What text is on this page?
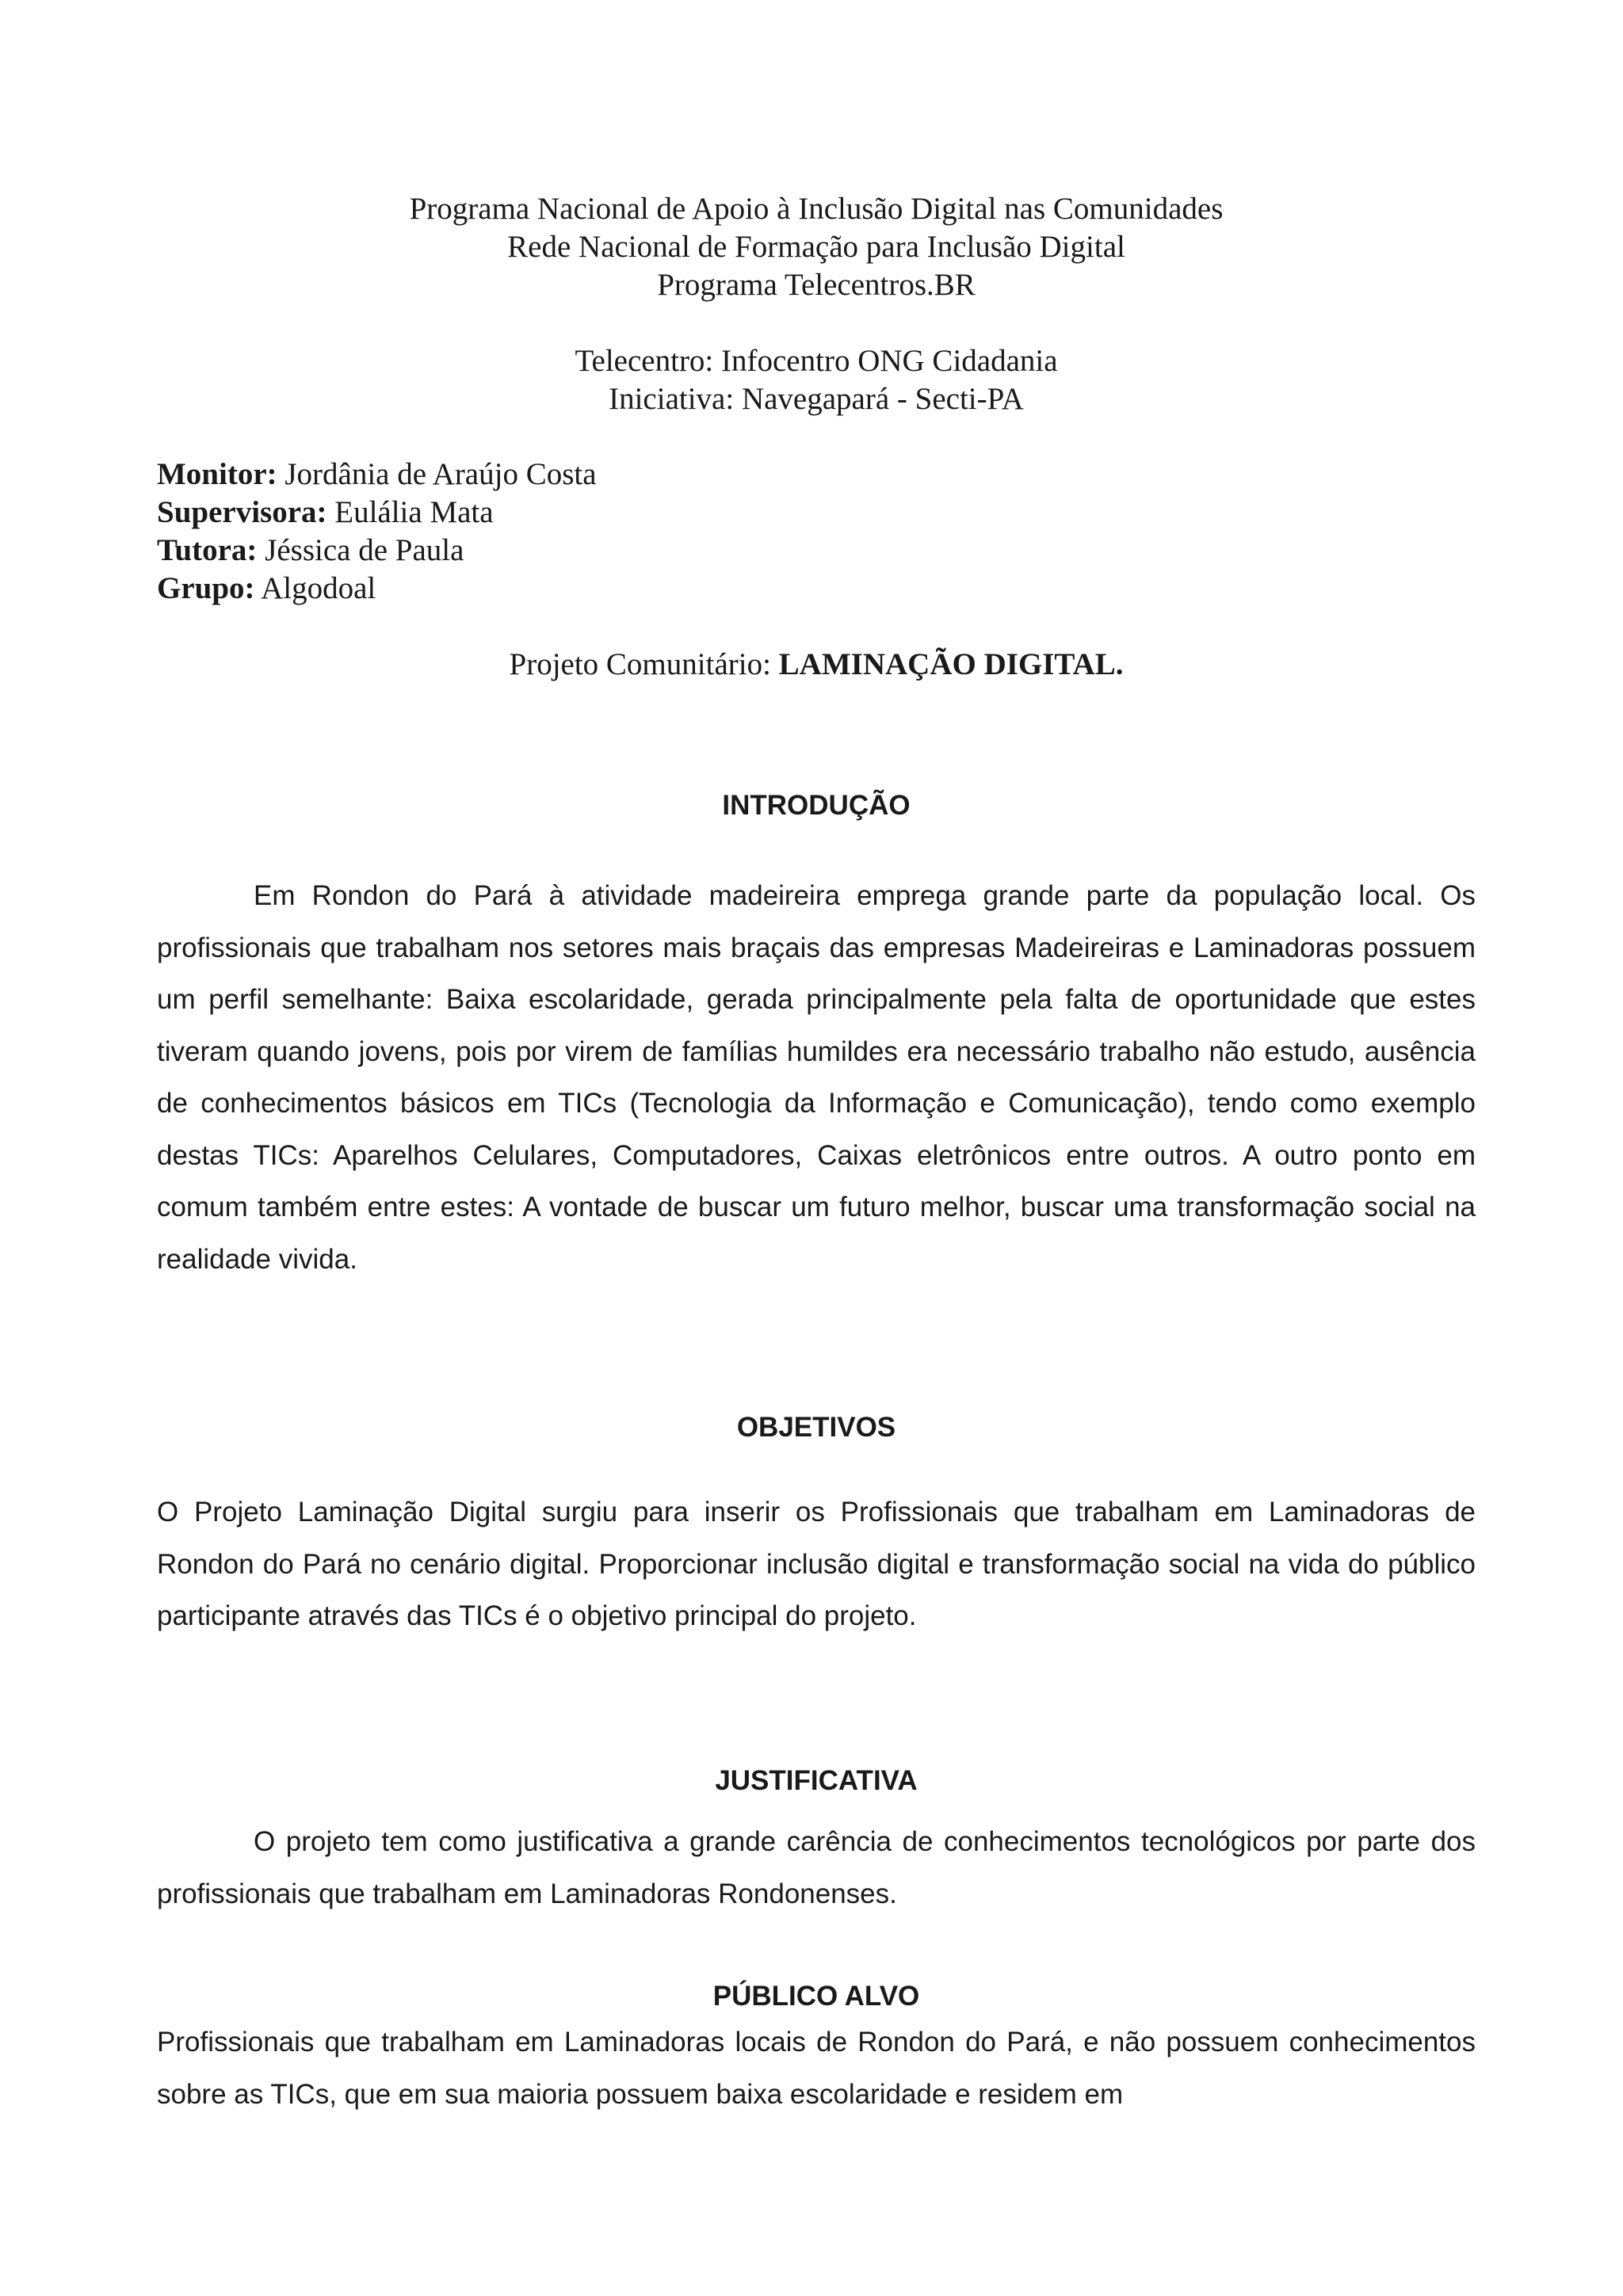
Programa Nacional de Apoio à Inclusão Digital nas Comunidades
Rede Nacional de Formação para Inclusão Digital
Programa Telecentros.BR
Telecentro: Infocentro ONG Cidadania
Iniciativa: Navegapará - Secti-PA
Monitor: Jordânia de Araújo Costa
Supervisora: Eulália Mata
Tutora: Jéssica de Paula
Grupo: Algodoal
Projeto Comunitário: LAMINAÇÃO DIGITAL.
INTRODUÇÃO
Em Rondon do Pará à atividade madeireira emprega grande parte da população local. Os profissionais que trabalham nos setores mais braçais das empresas Madeireiras e Laminadoras possuem um perfil semelhante: Baixa escolaridade, gerada principalmente pela falta de oportunidade que estes tiveram quando jovens, pois por virem de famílias humildes era necessário trabalho não estudo, ausência de conhecimentos básicos em TICs (Tecnologia da Informação e Comunicação), tendo como exemplo destas TICs: Aparelhos Celulares, Computadores, Caixas eletrônicos entre outros. A outro ponto em comum também entre estes: A vontade de buscar um futuro melhor, buscar uma transformação social na realidade vivida.
OBJETIVOS
O Projeto Laminação Digital surgiu para inserir os Profissionais que trabalham em Laminadoras de Rondon do Pará no cenário digital. Proporcionar inclusão digital e transformação social na vida do público participante através das TICs é o objetivo principal do projeto.
JUSTIFICATIVA
O projeto tem como justificativa a grande carência de conhecimentos tecnológicos por parte dos profissionais que trabalham em Laminadoras Rondonenses.
PÚBLICO ALVO
Profissionais que trabalham em Laminadoras locais de Rondon do Pará, e não possuem conhecimentos sobre as TICs, que em sua maioria possuem baixa escolaridade e residem em
